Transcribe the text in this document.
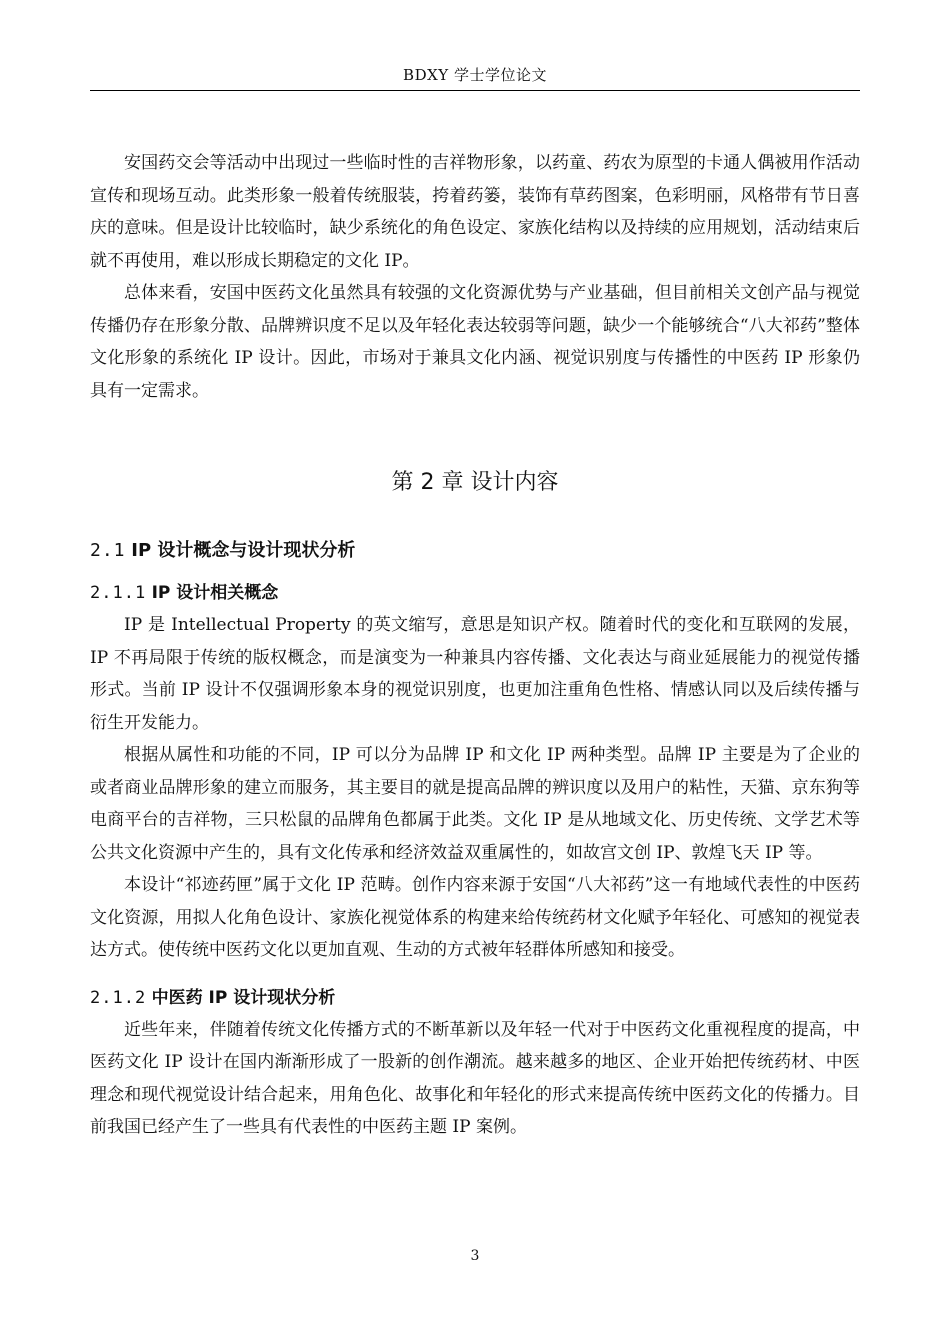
BDXY 学士学位论文

安国药交会等活动中出现过一些临时性的吉祥物形象，以药童、药农为原型的卡通人偶被用作活动宣传和现场互动。此类形象一般着传统服装，挎着药篓，装饰有草药图案，色彩明丽，风格带有节日喜庆的意味。但是设计比较临时，缺少系统化的角色设定、家族化结构以及持续的应用规划，活动结束后就不再使用，难以形成长期稳定的文化 IP。

总体来看，安国中医药文化虽然具有较强的文化资源优势与产业基础，但目前相关文创产品与视觉传播仍存在形象分散、品牌辨识度不足以及年轻化表达较弱等问题，缺少一个能够统合“八大祁药”整体文化形象的系统化 IP 设计。因此，市场对于兼具文化内涵、视觉识别度与传播性的中医药 IP 形象仍具有一定需求。

第 2 章 设计内容
2.1 IP 设计概念与设计现状分析
2.1.1 IP 设计相关概念

IP 是 Intellectual Property 的英文缩写，意思是知识产权。随着时代的变化和互联网的发展，IP 不再局限于传统的版权概念，而是演变为一种兼具内容传播、文化表达与商业延展能力的视觉传播形式。当前 IP 设计不仅强调形象本身的视觉识别度，也更加注重角色性格、情感认同以及后续传播与衍生开发能力。

根据从属性和功能的不同，IP 可以分为品牌 IP 和文化 IP 两种类型。品牌 IP 主要是为了企业的或者商业品牌形象的建立而服务，其主要目的就是提高品牌的辨识度以及用户的粘性，天猫、京东狗等电商平台的吉祥物，三只松鼠的品牌角色都属于此类。文化 IP 是从地域文化、历史传统、文学艺术等公共文化资源中产生的，具有文化传承和经济效益双重属性的，如故宫文创 IP、敦煌飞天 IP 等。

本设计“祁迹药匣”属于文化 IP 范畴。创作内容来源于安国“八大祁药”这一有地域代表性的中医药文化资源，用拟人化角色设计、家族化视觉体系的构建来给传统药材文化赋予年轻化、可感知的视觉表达方式。使传统中医药文化以更加直观、生动的方式被年轻群体所感知和接受。

2.1.2 中医药 IP 设计现状分析

近些年来，伴随着传统文化传播方式的不断革新以及年轻一代对于中医药文化重视程度的提高，中医药文化 IP 设计在国内渐渐形成了一股新的创作潮流。越来越多的地区、企业开始把传统药材、中医理念和现代视觉设计结合起来，用角色化、故事化和年轻化的形式来提高传统中医药文化的传播力。目前我国已经产生了一些具有代表性的中医药主题 IP 案例。

3
